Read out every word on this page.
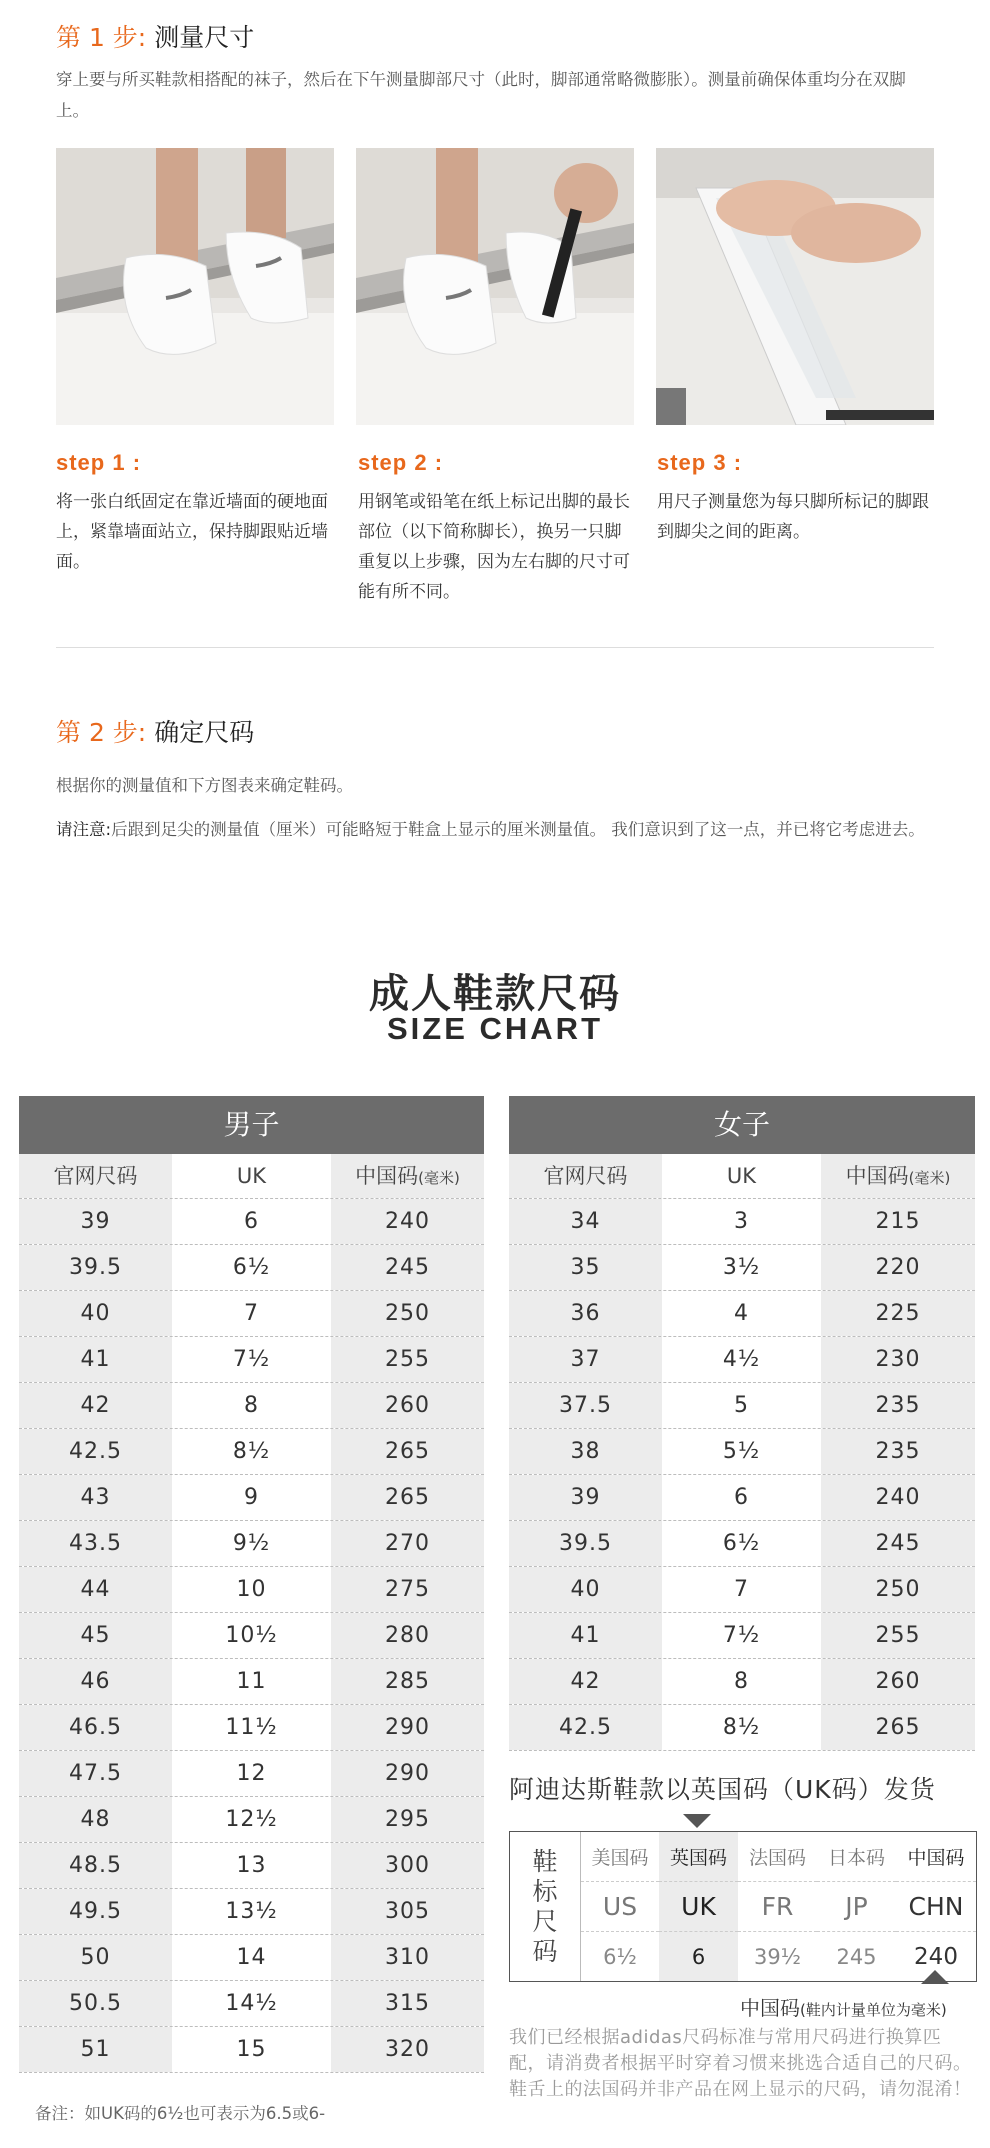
第 1 步: 测量尺寸
穿上要与所买鞋款相搭配的袜子，然后在下午测量脚部尺寸（此时，脚部通常略微膨胀）。测量前确保体重均分在双脚上。
step 1 :	step 2 :	step 3 :
将一张白纸固定在靠近墙面的硬地面上，紧靠墙面站立，保持脚跟贴近墙面。
用钢笔或铅笔在纸上标记出脚的最长部位（以下简称脚长），换另一只脚重复以上步骤，因为左右脚的尺寸可能有所不同。
用尺子测量您为每只脚所标记的脚跟到脚尖之间的距离。
第 2 步: 确定尺码
根据你的测量值和下方图表来确定鞋码。
请注意:后跟到足尖的测量值（厘米）可能略短于鞋盒上显示的厘米测量值。 我们意识到了这一点，并已将它考虑进去。
成人鞋款尺码
SIZE CHART
男子
官网尺码	UK	中国码(毫米)
39	6	240
39.5	6½	245
40	7	250
41	7½	255
42	8	260
42.5	8½	265
43	9	265
43.5	9½	270
44	10	275
45	10½	280
46	11	285
46.5	11½	290
47.5	12	290
48	12½	295
48.5	13	300
49.5	13½	305
50	14	310
50.5	14½	315
51	15	320
女子
官网尺码	UK	中国码(毫米)
34	3	215
35	3½	220
36	4	225
37	4½	230
37.5	5	235
38	5½	235
39	6	240
39.5	6½	245
40	7	250
41	7½	255
42	8	260
42.5	8½	265
阿迪达斯鞋款以英国码（UK码）发货
鞋
标
尺
码
美国码	英国码	法国码	日本码	中国码
US	UK	FR	JP	CHN
6½	6	39½	245	240
中国码(鞋内计量单位为毫米)
我们已经根据adidas尺码标准与常用尺码进行换算匹配，请消费者根据平时穿着习惯来挑选合适自己的尺码。鞋舌上的法国码并非产品在网上显示的尺码，请勿混淆！
备注：如UK码的6½也可表示为6.5或6-
